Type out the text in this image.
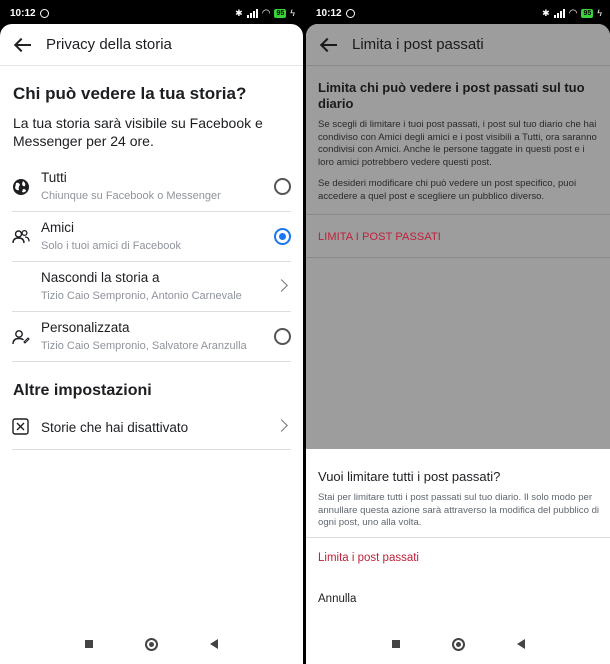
10:12	✱ ◠ 95 ϟ
Privacy della storia
Chi può vedere la tua storia?
La tua storia sarà visibile su Facebook e Messenger per 24 ore.
Tutti
Chiunque su Facebook o Messenger
Amici
Solo i tuoi amici di Facebook
Nascondi la storia a
Tizio Caio Sempronio, Antonio Carnevale
Personalizzata
Tizio Caio Sempronio, Salvatore Aranzulla
Altre impostazioni
Storie che hai disattivato
10:12	✱ ◠ 95 ϟ
Limita i post passati
Limita chi può vedere i post passati sul tuo diario
Se scegli di limitare i tuoi post passati, i post sul tuo diario che hai condiviso con Amici degli amici e i post visibili a Tutti, ora saranno condivisi con Amici. Anche le persone taggate in questi post e i loro amici potrebbero vedere questi post.
Se desideri modificare chi può vedere un post specifico, puoi accedere a quel post e scegliere un pubblico diverso.
LIMITA I POST PASSATI
Vuoi limitare tutti i post passati?
Stai per limitare tutti i post passati sul tuo diario. Il solo modo per annullare questa azione sarà attraverso la modifica del pubblico di ogni post, uno alla volta.
Limita i post passati
Annulla
